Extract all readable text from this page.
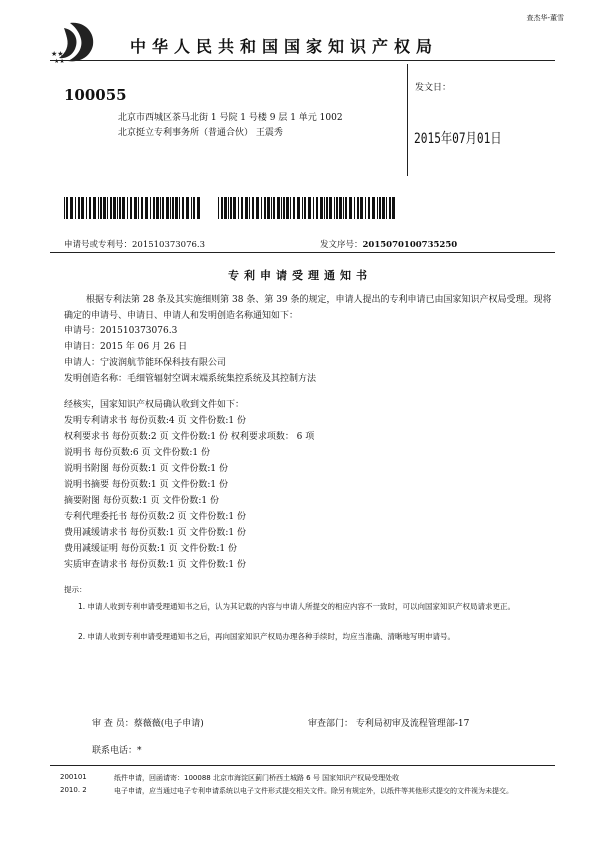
★★★
★★
查杰华-董雪
中华人民共和国国家知识产权局
100055
北京市西城区茶马北街 1 号院 1 号楼 9 层 1 单元 1002
北京挺立专利事务所（普通合伙） 王震秀
发文日：
2015年07月01日
申请号或专利号：201510373076.3	发文序号：2015070100735250
专利申请受理通知书
根据专利法第 28 条及其实施细则第 38 条、第 39 条的规定，申请人提出的专利申请已由国家知识产权局受理。现将确定的申请号、申请日、申请人和发明创造名称通知如下：
申请号：201510373076.3
申请日：2015 年 06 月 26 日
申请人：宁波润航节能环保科技有限公司
发明创造名称：毛细管辐射空调末端系统集控系统及其控制方法
经核实，国家知识产权局确认收到文件如下：
发明专利请求书 每份页数:4 页 文件份数:1 份
权利要求书 每份页数:2 页 文件份数:1 份 权利要求项数： 6 项
说明书 每份页数:6 页 文件份数:1 份
说明书附图 每份页数:1 页 文件份数:1 份
说明书摘要 每份页数:1 页 文件份数:1 份
摘要附图 每份页数:1 页 文件份数:1 份
专利代理委托书 每份页数:2 页 文件份数:1 份
费用减缓请求书 每份页数:1 页 文件份数:1 份
费用减缓证明 每份页数:1 页 文件份数:1 份
实质审查请求书 每份页数:1 页 文件份数:1 份
提示：
1. 申请人收到专利申请受理通知书之后，认为其记载的内容与申请人所提交的相应内容不一致时，可以向国家知识产权局请求更正。
2. 申请人收到专利申请受理通知书之后，再向国家知识产权局办理各种手续时，均应当准确、清晰地写明申请号。
审 查 员：蔡薇薇(电子申请)	审查部门： 专利局初审及流程管理部-17
联系电话：*
200101	纸件申请，回函请寄：100088 北京市海淀区蓟门桥西土城路 6 号 国家知识产权局受理处收
2010. 2	电子申请，应当通过电子专利申请系统以电子文件形式提交相关文件。除另有规定外，以纸件等其他形式提交的文件视为未提交。
